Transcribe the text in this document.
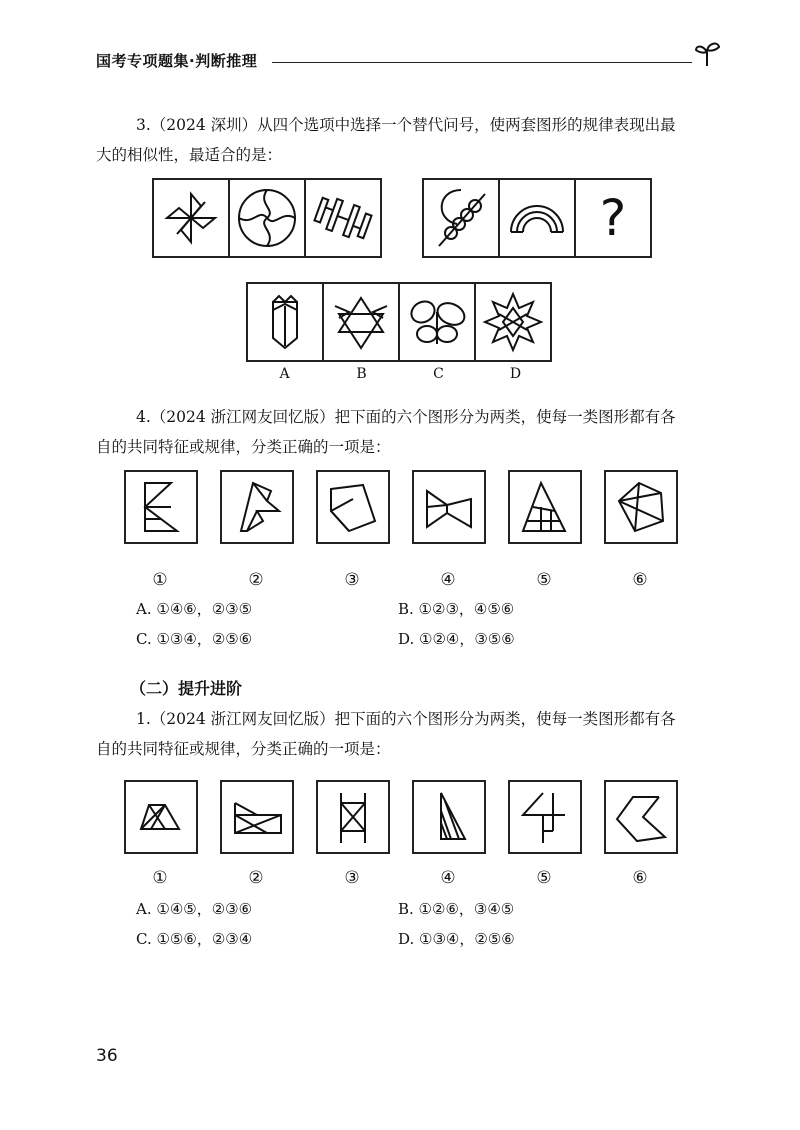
国考专项题集·判断推理
3.（2024 深圳）从四个选项中选择一个替代问号，使两套图形的规律表现出最
大的相似性，最适合的是：
?
A	B	C	D
4.（2024 浙江网友回忆版）把下面的六个图形分为两类，使每一类图形都有各
自的共同特征或规律，分类正确的一项是：
①	②	③	④	⑤	⑥
A. ①④⑥，②③⑤	B. ①②③，④⑤⑥
C. ①③④，②⑤⑥	D. ①②④，③⑤⑥
（二）提升进阶
1.（2024 浙江网友回忆版）把下面的六个图形分为两类，使每一类图形都有各
自的共同特征或规律，分类正确的一项是：
①	②	③	④	⑤	⑥
A. ①④⑤，②③⑥	B. ①②⑥，③④⑤
C. ①⑤⑥，②③④	D. ①③④，②⑤⑥
36
